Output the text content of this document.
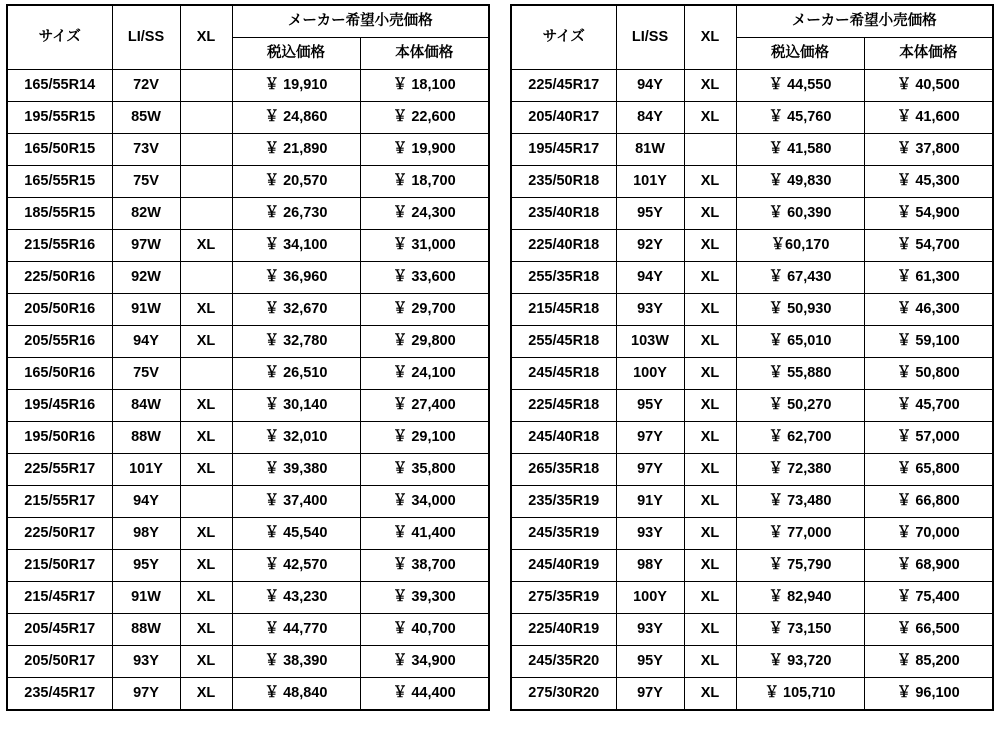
サイズ	LI/SS	XL	メーカー希望小売価格	
			税込価格	本体価格
165/55R14	72V		￥ 19,910	￥ 18,100
195/55R15	85W		￥ 24,860	￥ 22,600
165/50R15	73V		￥ 21,890	￥ 19,900
165/55R15	75V		￥ 20,570	￥ 18,700
185/55R15	82W		￥ 26,730	￥ 24,300
215/55R16	97W	XL	￥ 34,100	￥ 31,000
225/50R16	92W		￥ 36,960	￥ 33,600
205/50R16	91W	XL	￥ 32,670	￥ 29,700
205/55R16	94Y	XL	￥ 32,780	￥ 29,800
165/50R16	75V		￥ 26,510	￥ 24,100
195/45R16	84W	XL	￥ 30,140	￥ 27,400
195/50R16	88W	XL	￥ 32,010	￥ 29,100
225/55R17	101Y	XL	￥ 39,380	￥ 35,800
215/55R17	94Y		￥ 37,400	￥ 34,000
225/50R17	98Y	XL	￥ 45,540	￥ 41,400
215/50R17	95Y	XL	￥ 42,570	￥ 38,700
215/45R17	91W	XL	￥ 43,230	￥ 39,300
205/45R17	88W	XL	￥ 44,770	￥ 40,700
205/50R17	93Y	XL	￥ 38,390	￥ 34,900
235/45R17	97Y	XL	￥ 48,840	￥ 44,400
サイズ	LI/SS	XL	メーカー希望小売価格	
			税込価格	本体価格
225/45R17	94Y	XL	￥ 44,550	￥ 40,500
205/40R17	84Y	XL	￥ 45,760	￥ 41,600
195/45R17	81W		￥ 41,580	￥ 37,800
235/50R18	101Y	XL	￥ 49,830	￥ 45,300
235/40R18	95Y	XL	￥ 60,390	￥ 54,900
225/40R18	92Y	XL	￥60,170	￥ 54,700
255/35R18	94Y	XL	￥ 67,430	￥ 61,300
215/45R18	93Y	XL	￥ 50,930	￥ 46,300
255/45R18	103W	XL	￥ 65,010	￥ 59,100
245/45R18	100Y	XL	￥ 55,880	￥ 50,800
225/45R18	95Y	XL	￥ 50,270	￥ 45,700
245/40R18	97Y	XL	￥ 62,700	￥ 57,000
265/35R18	97Y	XL	￥ 72,380	￥ 65,800
235/35R19	91Y	XL	￥ 73,480	￥ 66,800
245/35R19	93Y	XL	￥ 77,000	￥ 70,000
245/40R19	98Y	XL	￥ 75,790	￥ 68,900
275/35R19	100Y	XL	￥ 82,940	￥ 75,400
225/40R19	93Y	XL	￥ 73,150	￥ 66,500
245/35R20	95Y	XL	￥ 93,720	￥ 85,200
275/30R20	97Y	XL	￥ 105,710	￥ 96,100
